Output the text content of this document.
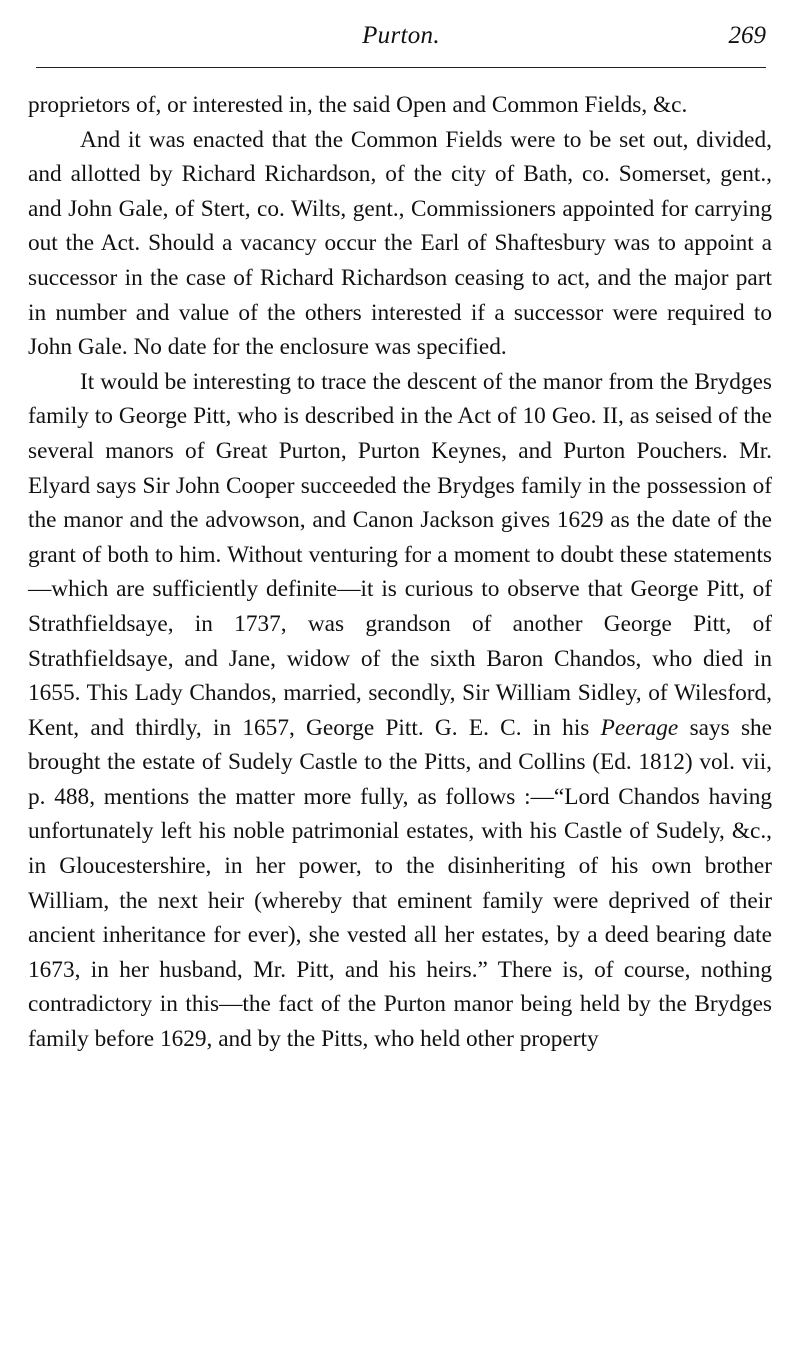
Purton.	269

proprietors of, or interested in, the said Open and Common Fields, &c.

And it was enacted that the Common Fields were to be set out, divided, and allotted by Richard Richardson, of the city of Bath, co. Somerset, gent., and John Gale, of Stert, co. Wilts, gent., Commissioners appointed for carrying out the Act. Should a vacancy occur the Earl of Shaftesbury was to appoint a successor in the case of Richard Richardson ceasing to act, and the major part in number and value of the others interested if a successor were required to John Gale. No date for the enclosure was specified.

It would be interesting to trace the descent of the manor from the Brydges family to George Pitt, who is described in the Act of 10 Geo. II, as seised of the several manors of Great Purton, Purton Keynes, and Purton Pouchers. Mr. Elyard says Sir John Cooper succeeded the Brydges family in the possession of the manor and the advowson, and Canon Jackson gives 1629 as the date of the grant of both to him. Without venturing for a moment to doubt these statements—which are sufficiently definite—it is curious to observe that George Pitt, of Strathfieldsaye, in 1737, was grandson of another George Pitt, of Strathfieldsaye, and Jane, widow of the sixth Baron Chandos, who died in 1655. This Lady Chandos, married, secondly, Sir William Sidley, of Wilesford, Kent, and thirdly, in 1657, George Pitt. G. E. C. in his Peerage says she brought the estate of Sudely Castle to the Pitts, and Collins (Ed. 1812) vol. vii, p. 488, mentions the matter more fully, as follows :—“Lord Chandos having unfortunately left his noble patrimonial estates, with his Castle of Sudely, &c., in Gloucestershire, in her power, to the disinheriting of his own brother William, the next heir (whereby that eminent family were deprived of their ancient inheritance for ever), she vested all her estates, by a deed bearing date 1673, in her husband, Mr. Pitt, and his heirs.” There is, of course, nothing contradictory in this—the fact of the Purton manor being held by the Brydges family before 1629, and by the Pitts, who held other property
